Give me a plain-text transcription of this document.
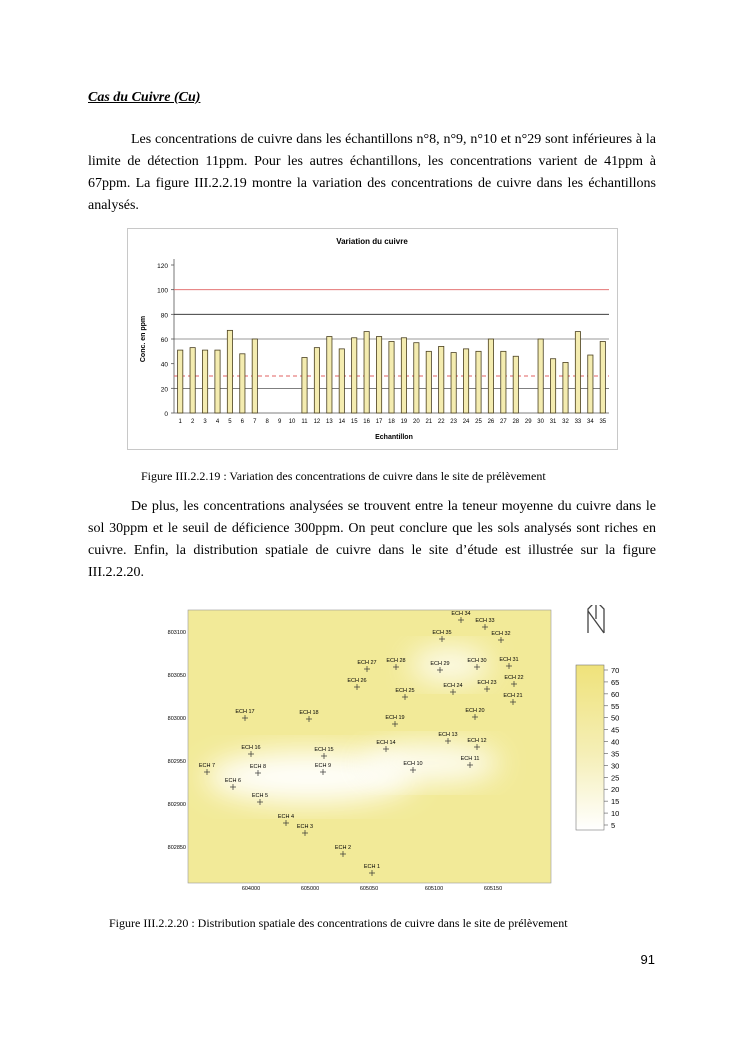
Cas du Cuivre (Cu)

Les concentrations de cuivre dans les échantillons n°8, n°9, n°10 et n°29 sont inférieures à la limite de détection 11ppm. Pour les autres échantillons, les concentrations varient de 41ppm à 67ppm. La figure III.2.2.19 montre la variation des concentrations de cuivre dans les échantillons analysés.

Variation du cuivre
0
20
40
60
80
100
120
1 2 3 4 5 6 7 8 9 10 11 12 13 14 15 16 17 18 19 20 21 22 23 24 25 26 27 28 29 30 31 32 33 34 35
Echantillon
Conc. en ppm

Figure III.2.2.19 : Variation des concentrations de cuivre dans le site de prélèvement

De plus, les concentrations analysées se trouvent entre la teneur moyenne du cuivre dans le sol 30ppm et le seuil de déficience 300ppm. On peut conclure que les sols analysés sont riches en cuivre. Enfin, la distribution spatiale de cuivre dans le site d’étude est illustrée sur la figure III.2.2.20.

803100
803050
803000
802950
802900
802850
604000	605000	605050	605100	605150
ECH 1
ECH 2
ECH 3
ECH 4
ECH 5
ECH 6
ECH 7	ECH 8	ECH 9	ECH 10
ECH 11
ECH 12
ECH 13
ECH 14
ECH 15
ECH 16
ECH 17	ECH 18
ECH 19
ECH 20
ECH 21
ECH 22
ECH 23
ECH 24
ECH 25
ECH 26
ECH 27 ECH 28	ECH 29	ECH 30 ECH 31
ECH 32
ECH 33
ECH 34
ECH 35
70
65
60
55
50
45
40
35
30
25
20
15
10
5

Figure III.2.2.20 : Distribution spatiale des concentrations de cuivre dans le site de prélèvement

91
